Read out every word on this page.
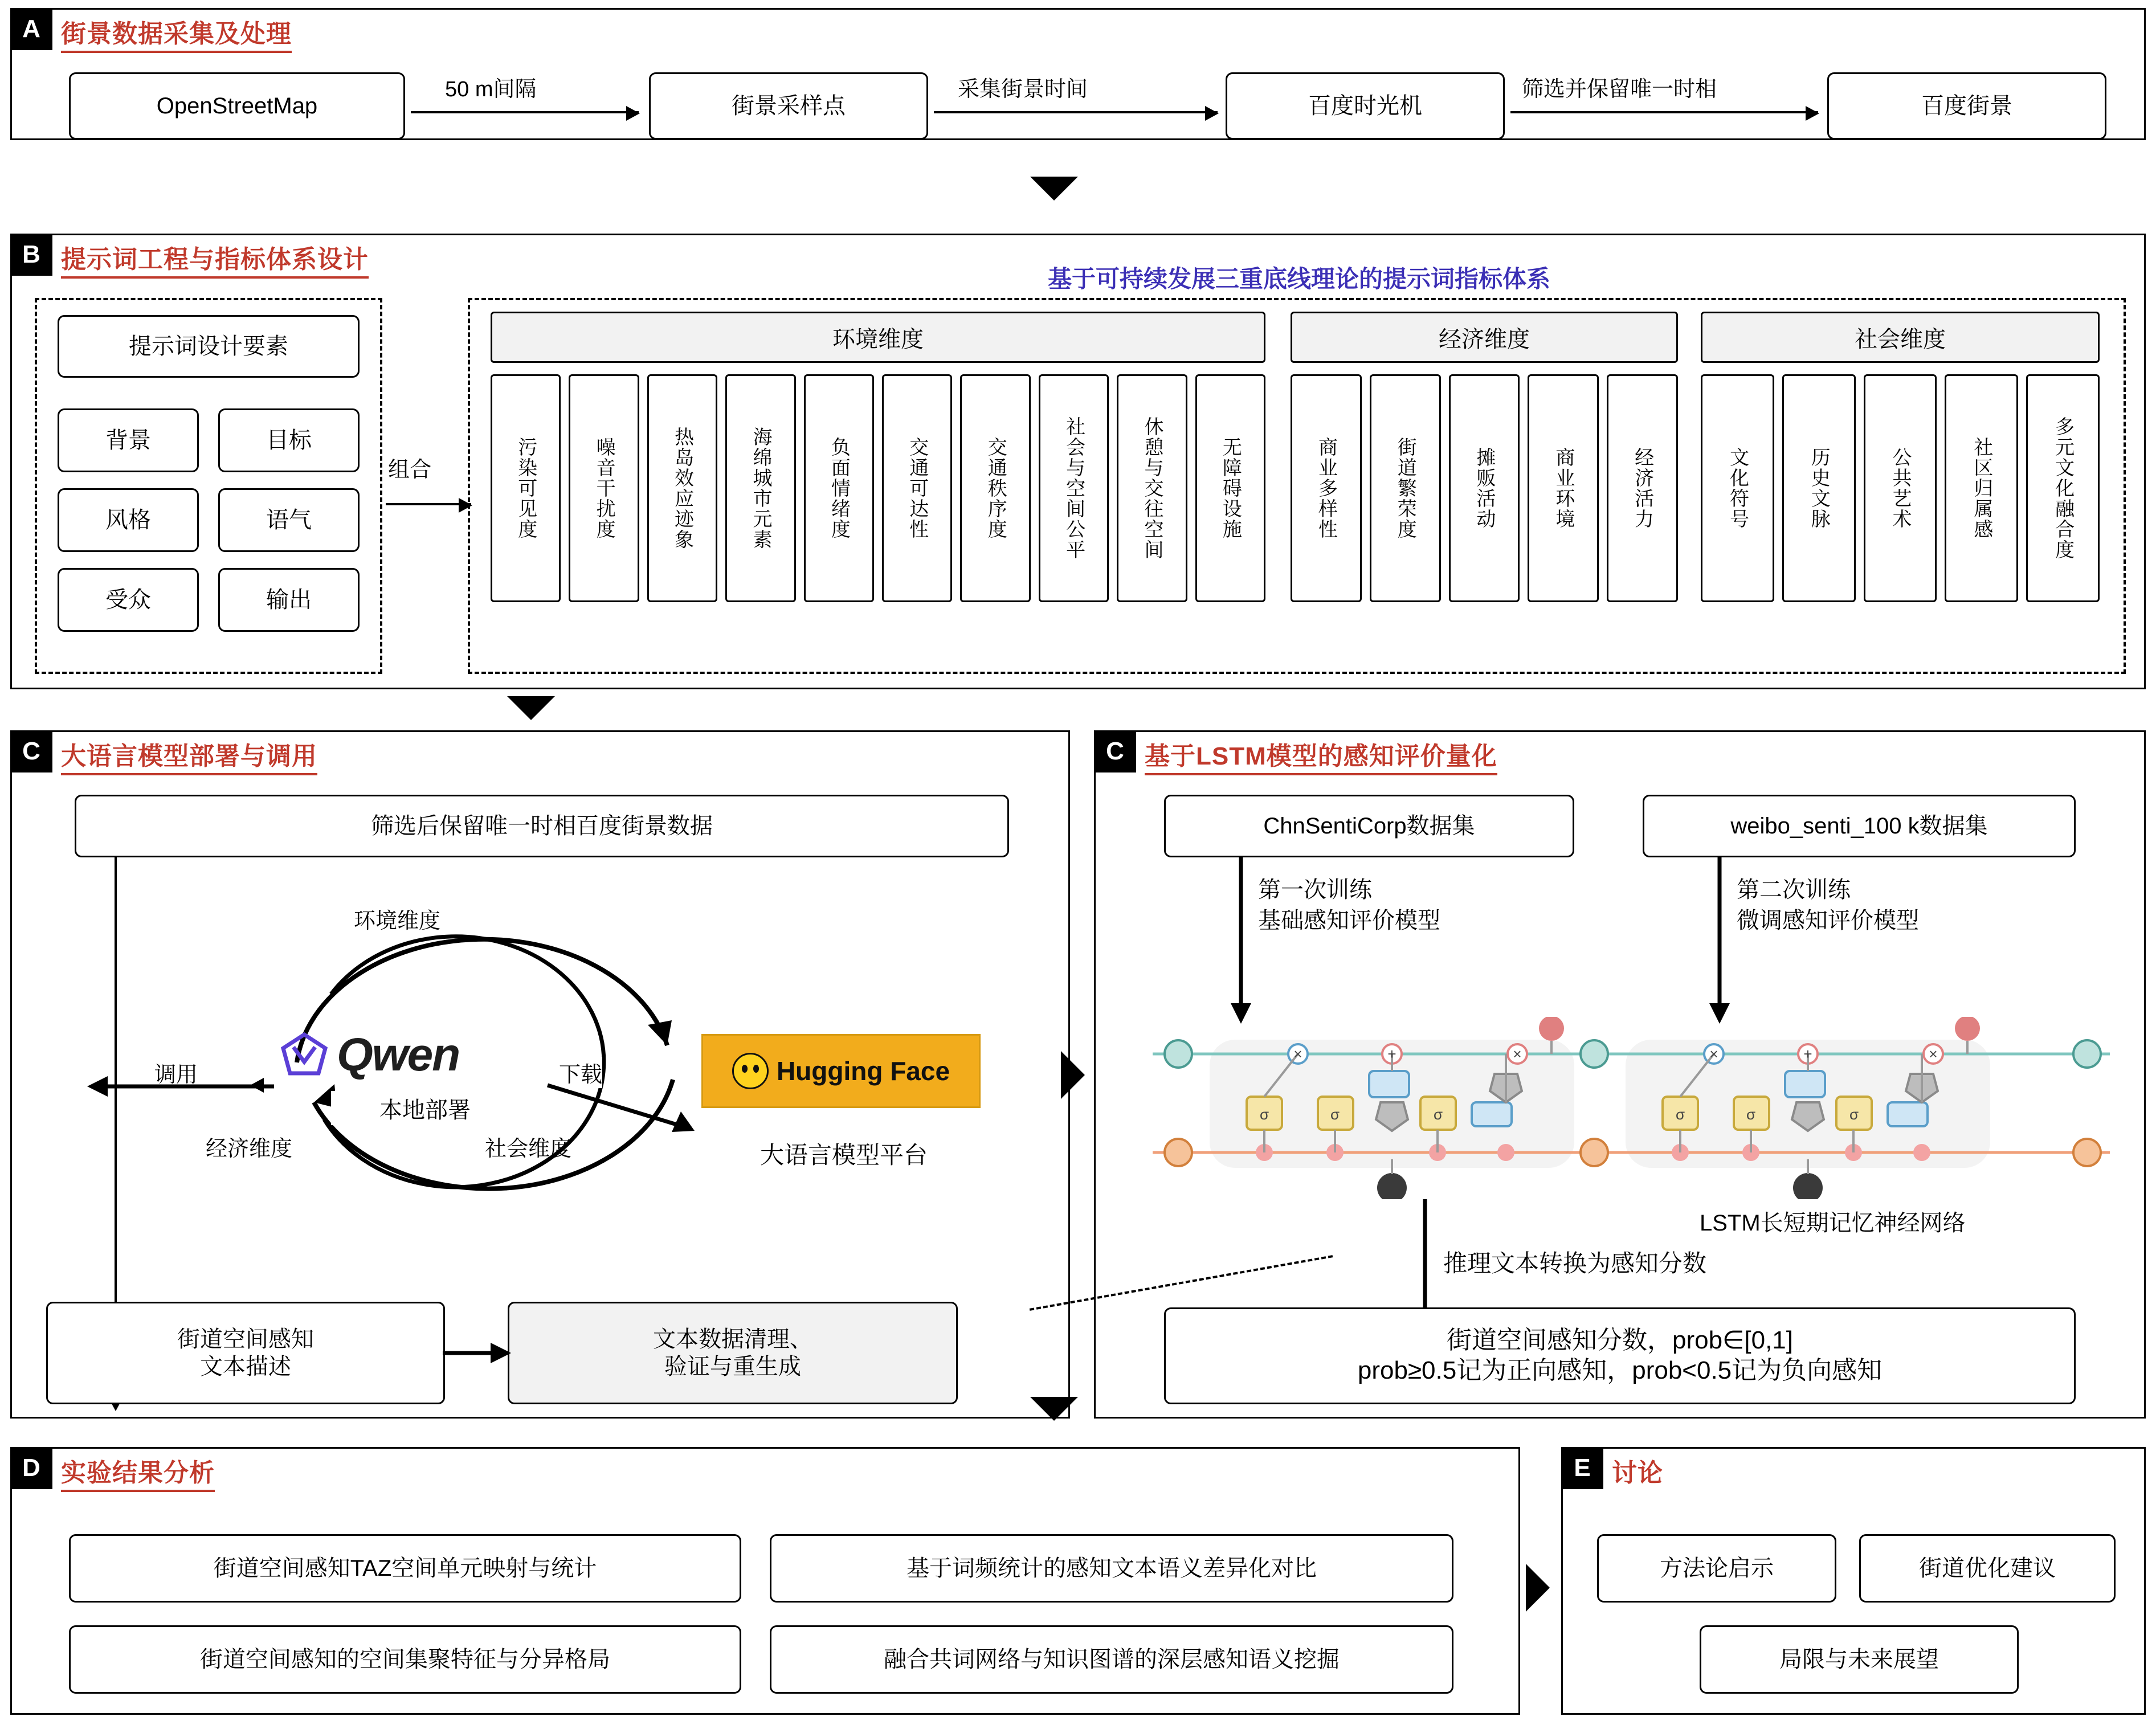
A 街景数据采集及处理
OpenStreetMap
50 m间隔
街景采样点
采集街景时间
百度时光机
筛选并保留唯一时相
百度街景
B 提示词工程与指标体系设计
提示词设计要素
背景	目标
风格	语气
受众	输出
组合
基于可持续发展三重底线理论的提示词指标体系
环境维度
污染可见度	噪音干扰度	热岛效应迹象	海绵城市元素	负面情绪度	交通可达性	交通秩序度	社会与空间公平	休憩与交往空间	无障碍设施
经济维度
商业多样性	街道繁荣度	摊贩活动	商业环境	经济活力
社会维度
文化符号	历史文脉	公共艺术	社区归属感	多元文化融合度
C 大语言模型部署与调用
筛选后保留唯一时相百度街景数据
环境维度
社会维度
经济维度
Qwen
本地部署
调用	下载	Hugging Face
大语言模型平台
街道空间感知
文本描述
文本数据清理、
验证与重生成
C 基于LSTM模型的感知评价量化
ChnSentiCorp数据集	weibo_senti_100 k数据集
第一次训练
基础感知评价模型
第二次训练
微调感知评价模型
σ	σ	σ
×	+	×
σ	σ	σ
×	+	×
LSTM长短期记忆神经网络
推理文本转换为感知分数
街道空间感知分数，prob∈[0,1]
prob≥0.5记为正向感知，prob<0.5记为负向感知
D 实验结果分析
街道空间感知TAZ空间单元映射与统计	基于词频统计的感知文本语义差异化对比
街道空间感知的空间集聚特征与分异格局	融合共词网络与知识图谱的深层感知语义挖掘
E 讨论
方法论启示	街道优化建议
局限与未来展望
